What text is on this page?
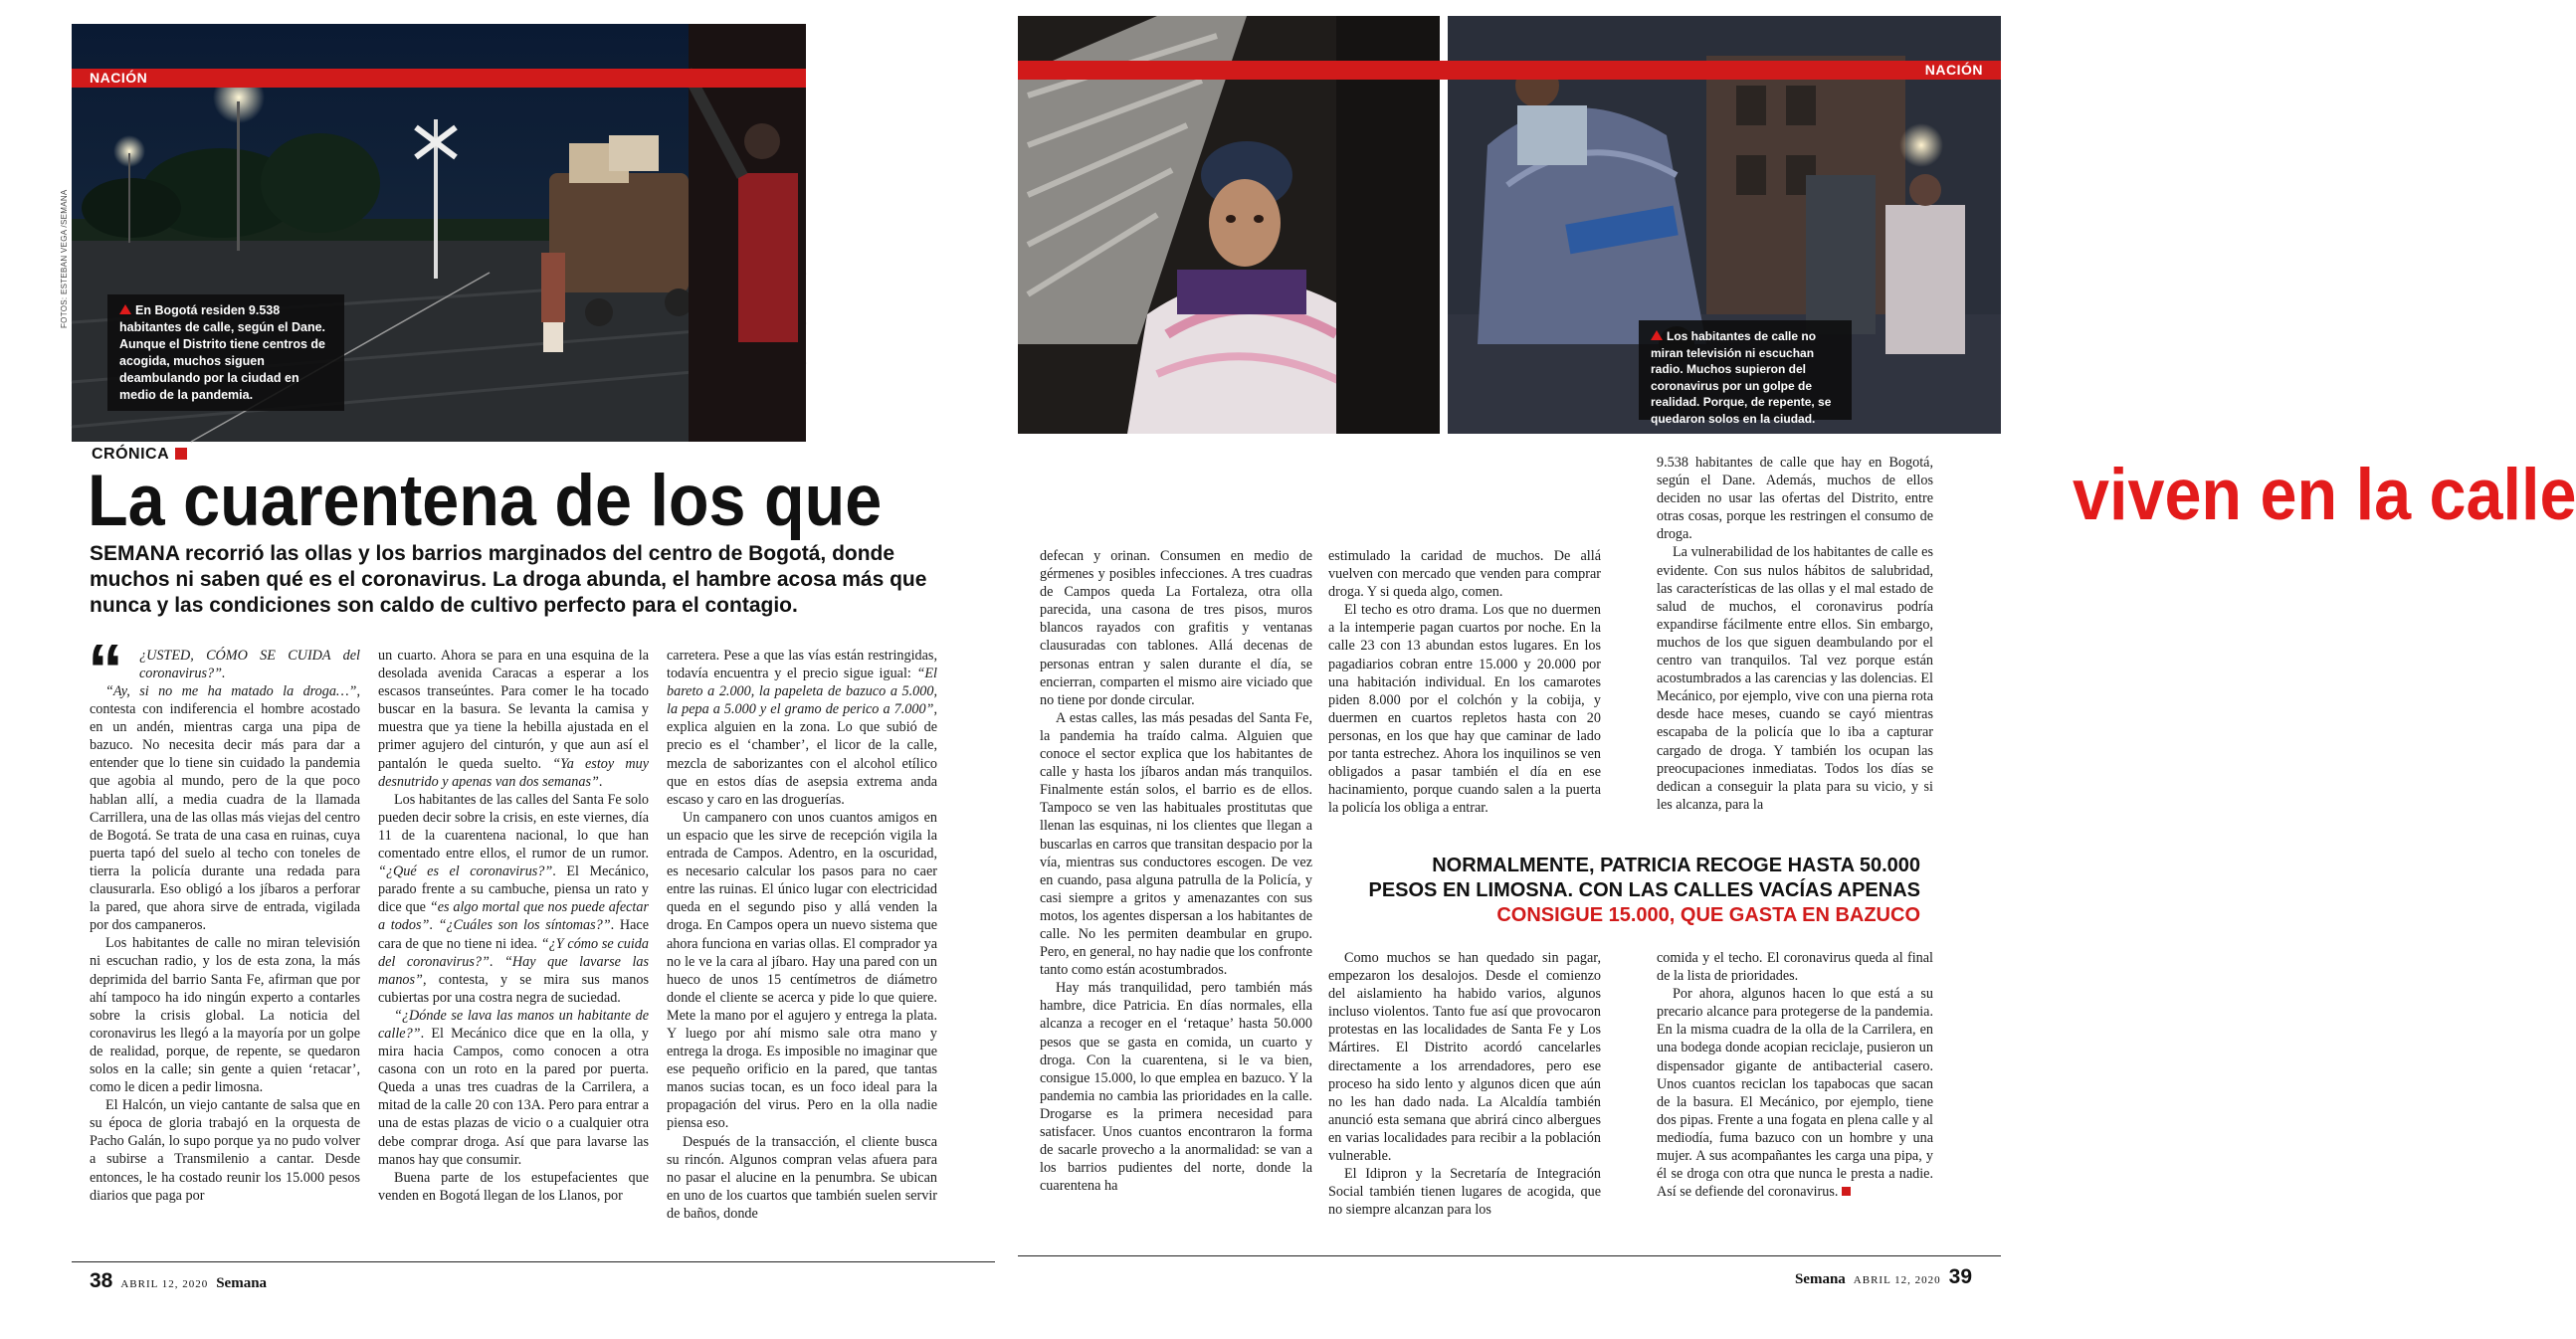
NACIÓN
En Bogotá residen 9.538 habitantes de calle, según el Dane. Aunque el Distrito tiene centros de acogida, muchos siguen deambulando por la ciudad en medio de la pandemia.
FOTOS: ESTEBAN VEGA /SEMANA
CRÓNICA
La cuarentena de los que
SEMANA recorrió las ollas y los barrios marginados del centro de Bogotá, donde muchos ni saben qué es el coronavirus. La droga abunda, el hambre acosa más que nunca y las condiciones son caldo de cultivo perfecto para el contagio.
“ ¿USTED, CÓMO SE CUIDA del coronavirus?”.

“Ay, si no me ha matado la droga…”, contesta con indiferencia el hombre acostado en un andén, mientras carga una pipa de bazuco. No necesita decir más para dar a entender que lo tiene sin cuidado la pandemia que agobia al mundo, pero de la que poco hablan allí, a media cuadra de la llamada Carrillera, una de las ollas más viejas del centro de Bogotá. Se trata de una casa en ruinas, cuya puerta tapó del suelo al techo con toneles de tierra la policía durante una redada para clausurarla. Eso obligó a los jíbaros a perforar la pared, que ahora sirve de entrada, vigilada por dos campaneros.

Los habitantes de calle no miran televisión ni escuchan radio, y los de esta zona, la más deprimida del barrio Santa Fe, afirman que por ahí tampoco ha ido ningún experto a contarles sobre la crisis global. La noticia del coronavirus les llegó a la mayoría por un golpe de realidad, porque, de repente, se quedaron solos en la calle; sin gente a quien ‘retacar’, como le dicen a pedir limosna.

El Halcón, un viejo cantante de salsa que en su época de gloria trabajó en la orquesta de Pacho Galán, lo supo porque ya no pudo volver a subirse a Transmilenio a cantar. Desde entonces, le ha costado reunir los 15.000 pesos diarios que paga por

un cuarto. Ahora se para en una esquina de la desolada avenida Caracas a esperar a los escasos transeúntes. Para comer le ha tocado buscar en la basura. Se levanta la camisa y muestra que ya tiene la hebilla ajustada en el primer agujero del cinturón, y que aun así el pantalón le queda suelto. “Ya estoy muy desnutrido y apenas van dos semanas”.

Los habitantes de las calles del Santa Fe solo pueden decir sobre la crisis, en este viernes, día 11 de la cuarentena nacional, lo que han comentado entre ellos, el rumor de un rumor. “¿Qué es el coronavirus?”. El Mecánico, parado frente a su cambuche, piensa un rato y dice que “es algo mortal que nos puede afectar a todos”. “¿Cuáles son los síntomas?”. Hace cara de que no tiene ni idea. “¿Y cómo se cuida del coronavirus?”. “Hay que lavarse las manos”, contesta, y se mira sus manos cubiertas por una costra negra de suciedad.

“¿Dónde se lava las manos un habitante de calle?”. El Mecánico dice que en la olla, y mira hacia Campos, como conocen a otra casona con un roto en la pared por puerta. Queda a unas tres cuadras de la Carrilera, a mitad de la calle 20 con 13A. Pero para entrar a una de estas plazas de vicio o a cualquier otra debe comprar droga. Así que para lavarse las manos hay que consumir.

Buena parte de los estupefacientes que venden en Bogotá llegan de los Llanos, por

carretera. Pese a que las vías están restringidas, todavía encuentra y el precio sigue igual: “El bareto a 2.000, la papeleta de bazuco a 5.000, la pepa a 5.000 y el gramo de perico a 7.000”, explica alguien en la zona. Lo que subió de precio es el ‘chamber’, el licor de la calle, mezcla de saborizantes con el alcohol etílico que en estos días de asepsia extrema anda escaso y caro en las droguerías.

Un campanero con unos cuantos amigos en un espacio que les sirve de recepción vigila la entrada de Campos. Adentro, en la oscuridad, es necesario calcular los pasos para no caer entre las ruinas. El único lugar con electricidad queda en el segundo piso y allá venden la droga. En Campos opera un nuevo sistema que ahora funciona en varias ollas. El comprador ya no le ve la cara al jíbaro. Hay una pared con un hueco de unos 15 centímetros de diámetro donde el cliente se acerca y pide lo que quiere. Mete la mano por el agujero y entrega la plata. Y luego por ahí mismo sale otra mano y entrega la droga. Es imposible no imaginar que ese pequeño orificio en la pared, que tantas manos sucias tocan, es un foco ideal para la propagación del virus. Pero en la olla nadie piensa eso.

Después de la transacción, el cliente busca su rincón. Algunos compran velas afuera para no pasar el alucine en la penumbra. Se ubican en uno de los cuartos que también suelen servir de baños, donde

38 ABRIL 12, 2020 Semana
NACIÓN
Los habitantes de calle no miran televisión ni escuchan radio. Muchos supieron del coronavirus por un golpe de realidad. Porque, de repente, se quedaron solos en la ciudad.
viven en la calle

defecan y orinan. Consumen en medio de gérmenes y posibles infecciones. A tres cuadras de Campos queda La Fortaleza, otra olla parecida, una casona de tres pisos, muros blancos rayados con grafitis y ventanas clausuradas con tablones. Allá decenas de personas entran y salen durante el día, se encierran, comparten el mismo aire viciado que no tiene por donde circular.

A estas calles, las más pesadas del Santa Fe, la pandemia ha traído calma. Alguien que conoce el sector explica que los habitantes de calle y hasta los jíbaros andan más tranquilos. Finalmente están solos, el barrio es de ellos. Tampoco se ven las habituales prostitutas que llenan las esquinas, ni los clientes que llegan a buscarlas en carros que transitan despacio por la vía, mientras sus conductores escogen. De vez en cuando, pasa alguna patrulla de la Policía, y casi siempre a gritos y amenazantes con sus motos, los agentes dispersan a los habitantes de calle. No les permiten deambular en grupo. Pero, en general, no hay nadie que los confronte tanto como están acostumbrados.

Hay más tranquilidad, pero también más hambre, dice Patricia. En días normales, ella alcanza a recoger en el ‘retaque’ hasta 50.000 pesos que se gasta en comida, un cuarto y droga. Con la cuarentena, si le va bien, consigue 15.000, lo que emplea en bazuco. Y la pandemia no cambia las prioridades en la calle. Drogarse es la primera necesidad para satisfacer. Unos cuantos encontraron la forma de sacarle provecho a la anormalidad: se van a los barrios pudientes del norte, donde la cuarentena ha

estimulado la caridad de muchos. De allá vuelven con mercado que venden para comprar droga. Y si queda algo, comen.

El techo es otro drama. Los que no duermen a la intemperie pagan cuartos por noche. En la calle 23 con 13 abundan estos lugares. En los pagadiarios cobran entre 15.000 y 20.000 por una habitación individual. En los camarotes piden 8.000 por el colchón y la cobija, y duermen en cuartos repletos hasta con 20 personas, en los que hay que caminar de lado por tanta estrechez. Ahora los inquilinos se ven obligados a pasar también el día en ese hacinamiento, porque cuando salen a la puerta la policía los obliga a entrar.

Como muchos se han quedado sin pagar, empezaron los desalojos. Desde el comienzo del aislamiento ha habido varios, algunos incluso violentos. Tanto fue así que provocaron protestas en las localidades de Santa Fe y Los Mártires. El Distrito acordó cancelarles directamente a los arrendadores, pero ese proceso ha sido lento y algunos dicen que aún no les han dado nada. La Alcaldía también anunció esta semana que abrirá cinco albergues en varias localidades para recibir a la población vulnerable.

El Idipron y la Secretaría de Integración Social también tienen lugares de acogida, que no siempre alcanzan para los

9.538 habitantes de calle que hay en Bogotá, según el Dane. Además, muchos de ellos deciden no usar las ofertas del Distrito, entre otras cosas, porque les restringen el consumo de droga.

La vulnerabilidad de los habitantes de calle es evidente. Con sus nulos hábitos de salubridad, las características de las ollas y el mal estado de salud de muchos, el coronavirus podría expandirse fácilmente entre ellos. Sin embargo, muchos de los que siguen deambulando por el centro van tranquilos. Tal vez porque están acostumbrados a las carencias y las dolencias. El Mecánico, por ejemplo, vive con una pierna rota desde hace meses, cuando se cayó mientras escapaba de la policía que lo iba a capturar cargado de droga. Y también los ocupan las preocupaciones inmediatas. Todos los días se dedican a conseguir la plata para su vicio, y si les alcanza, para la

comida y el techo. El coronavirus queda al final de la lista de prioridades.

Por ahora, algunos hacen lo que está a su precario alcance para protegerse de la pandemia. En la misma cuadra de la olla de la Carrilera, en una bodega donde acopian reciclaje, pusieron un dispensador gigante de antibacterial casero. Unos cuantos reciclan los tapabocas que sacan de la basura. El Mecánico, por ejemplo, tiene dos pipas. Frente a una fogata en plena calle y al mediodía, fuma bazuco con un hombre y una mujer. A sus acompañantes les carga una pipa, y él se droga con otra que nunca le presta a nadie. Así se defiende del coronavirus.

Semana ABRIL 12, 2020 39
NORMALMENTE, PATRICIA RECOGE HASTA 50.000 PESOS EN LIMOSNA. CON LAS CALLES VACÍAS APENAS
CONSIGUE 15.000, QUE GASTA EN BAZUCO
